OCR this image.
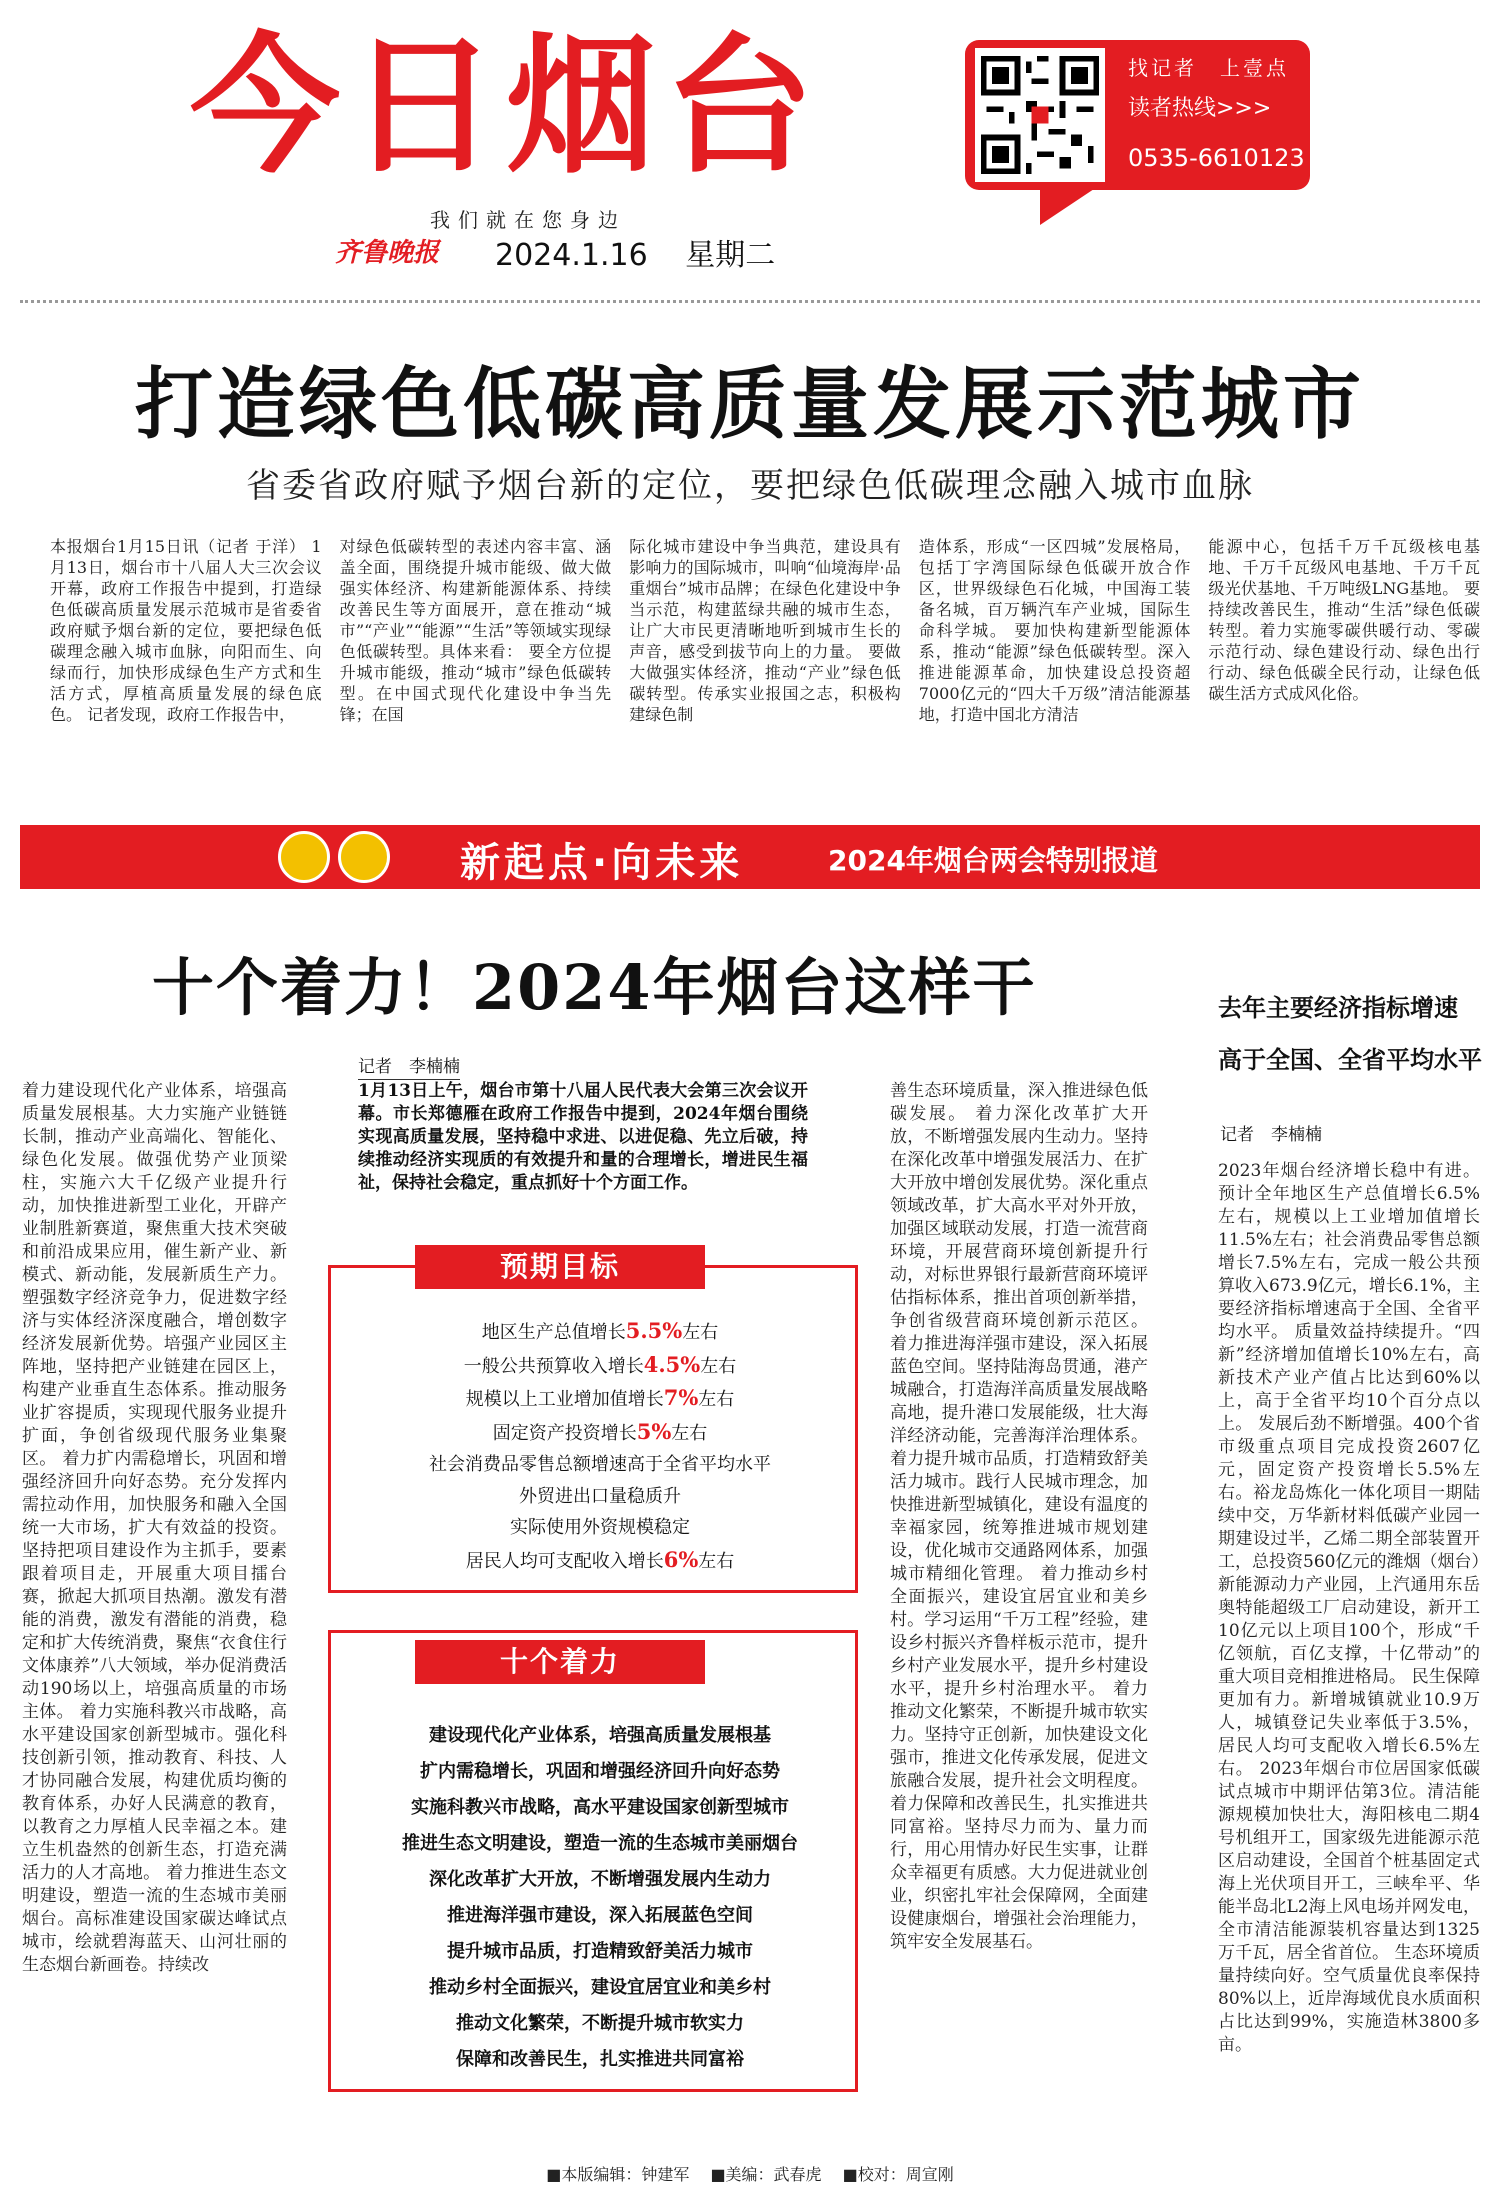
今日烟台
我们就在您身边
齐鲁晚报 2024.1.16 星期二
找记者　上壹点
读者热线>>>
0535-6610123
打造绿色低碳高质量发展示范城市
省委省政府赋予烟台新的定位，要把绿色低碳理念融入城市血脉
本报烟台1月15日讯（记者 于洋） 1月13日，烟台市十八届人大三次会议开幕，政府工作报告中提到，打造绿色低碳高质量发展示范城市是省委省政府赋予烟台新的定位，要把绿色低碳理念融入城市血脉，向阳而生、向绿而行，加快形成绿色生产方式和生活方式，厚植高质量发展的绿色底色。 记者发现，政府工作报告中，
对绿色低碳转型的表述内容丰富、涵盖全面，围绕提升城市能级、做大做强实体经济、构建新能源体系、持续改善民生等方面展开，意在推动“城市”“产业”“能源”“生活”等领域实现绿色低碳转型。具体来看： 要全方位提升城市能级，推动“城市”绿色低碳转型。在中国式现代化建设中争当先锋；在国
际化城市建设中争当典范，建设具有影响力的国际城市，叫响“仙境海岸·品重烟台”城市品牌；在绿色化建设中争当示范，构建蓝绿共融的城市生态，让广大市民更清晰地听到城市生长的声音，感受到拔节向上的力量。 要做大做强实体经济，推动“产业”绿色低碳转型。传承实业报国之志，积极构建绿色制
造体系，形成“一区四城”发展格局，包括丁字湾国际绿色低碳开放合作区，世界级绿色石化城，中国海工装备名城，百万辆汽车产业城，国际生命科学城。 要加快构建新型能源体系，推动“能源”绿色低碳转型。深入推进能源革命，加快建设总投资超7000亿元的“四大千万级”清洁能源基地，打造中国北方清洁
能源中心，包括千万千瓦级核电基地、千万千瓦级风电基地、千万千瓦级光伏基地、千万吨级LNG基地。 要持续改善民生，推动“生活”绿色低碳转型。着力实施零碳供暖行动、零碳示范行动、绿色建设行动、绿色出行行动、绿色低碳全民行动，让绿色低碳生活方式成风化俗。
新起点·向未来	2024年烟台两会特别报道
十个着力！2024年烟台这样干	去年主要经济指标增速
高于全国、全省平均水平
着力建设现代化产业体系，培强高质量发展根基。大力实施产业链链长制，推动产业高端化、智能化、绿色化发展。做强优势产业顶梁柱，实施六大千亿级产业提升行动，加快推进新型工业化，开辟产业制胜新赛道，聚焦重大技术突破和前沿成果应用，催生新产业、新模式、新动能，发展新质生产力。塑强数字经济竞争力，促进数字经济与实体经济深度融合，增创数字经济发展新优势。培强产业园区主阵地，坚持把产业链建在园区上，构建产业垂直生态体系。推动服务业扩容提质，实现现代服务业提升扩面，争创省级现代服务业集聚区。 着力扩内需稳增长，巩固和增强经济回升向好态势。充分发挥内需拉动作用，加快服务和融入全国统一大市场，扩大有效益的投资。坚持把项目建设作为主抓手，要素跟着项目走，开展重大项目擂台赛，掀起大抓项目热潮。激发有潜能的消费，激发有潜能的消费，稳定和扩大传统消费，聚焦“衣食住行文体康养”八大领域，举办促消费活动190场以上，培强高质量的市场主体。 着力实施科教兴市战略，高水平建设国家创新型城市。强化科技创新引领，推动教育、科技、人才协同融合发展，构建优质均衡的教育体系，办好人民满意的教育，以教育之力厚植人民幸福之本。建立生机盎然的创新生态，打造充满活力的人才高地。 着力推进生态文明建设，塑造一流的生态城市美丽烟台。高标准建设国家碳达峰试点城市，绘就碧海蓝天、山河壮丽的生态烟台新画卷。持续改
记者　李楠楠
1月13日上午，烟台市第十八届人民代表大会第三次会议开幕。市长郑德雁在政府工作报告中提到，2024年烟台围绕实现高质量发展，坚持稳中求进、以进促稳、先立后破，持续推动经济实现质的有效提升和量的合理增长，增进民生福祉，保持社会稳定，重点抓好十个方面工作。
预期目标
地区生产总值增长5.5%左右
一般公共预算收入增长4.5%左右
规模以上工业增加值增长7%左右
固定资产投资增长5%左右
社会消费品零售总额增速高于全省平均水平
外贸进出口量稳质升
实际使用外资规模稳定
居民人均可支配收入增长6%左右
十个着力
建设现代化产业体系，培强高质量发展根基
扩内需稳增长，巩固和增强经济回升向好态势
实施科教兴市战略，高水平建设国家创新型城市
推进生态文明建设，塑造一流的生态城市美丽烟台
深化改革扩大开放，不断增强发展内生动力
推进海洋强市建设，深入拓展蓝色空间
提升城市品质，打造精致舒美活力城市
推动乡村全面振兴，建设宜居宜业和美乡村
推动文化繁荣，不断提升城市软实力
保障和改善民生，扎实推进共同富裕
善生态环境质量，深入推进绿色低碳发展。 着力深化改革扩大开放，不断增强发展内生动力。坚持在深化改革中增强发展活力、在扩大开放中增创发展优势。深化重点领域改革，扩大高水平对外开放，加强区域联动发展，打造一流营商环境，开展营商环境创新提升行动，对标世界银行最新营商环境评估指标体系，推出首项创新举措，争创省级营商环境创新示范区。 着力推进海洋强市建设，深入拓展蓝色空间。坚持陆海岛贯通，港产城融合，打造海洋高质量发展战略高地，提升港口发展能级，壮大海洋经济动能，完善海洋治理体系。 着力提升城市品质，打造精致舒美活力城市。践行人民城市理念，加快推进新型城镇化，建设有温度的幸福家园，统筹推进城市规划建设，优化城市交通路网体系，加强城市精细化管理。 着力推动乡村全面振兴，建设宜居宜业和美乡村。学习运用“千万工程”经验，建设乡村振兴齐鲁样板示范市，提升乡村产业发展水平，提升乡村建设水平，提升乡村治理水平。 着力推动文化繁荣，不断提升城市软实力。坚持守正创新，加快建设文化强市，推进文化传承发展，促进文旅融合发展，提升社会文明程度。 着力保障和改善民生，扎实推进共同富裕。坚持尽力而为、量力而行，用心用情办好民生实事，让群众幸福更有质感。大力促进就业创业，织密扎牢社会保障网，全面建设健康烟台，增强社会治理能力，筑牢安全发展基石。
记者　李楠楠
2023年烟台经济增长稳中有进。预计全年地区生产总值增长6.5%左右，规模以上工业增加值增长11.5%左右；社会消费品零售总额增长7.5%左右，完成一般公共预算收入673.9亿元，增长6.1%，主要经济指标增速高于全国、全省平均水平。 质量效益持续提升。“四新”经济增加值增长10%左右，高新技术产业产值占比达到60%以上，高于全省平均10个百分点以上。 发展后劲不断增强。400个省市级重点项目完成投资2607亿元，固定资产投资增长5.5%左右。裕龙岛炼化一体化项目一期陆续中交，万华新材料低碳产业园一期建设过半，乙烯二期全部装置开工，总投资560亿元的潍烟（烟台）新能源动力产业园，上汽通用东岳奥特能超级工厂启动建设，新开工10亿元以上项目100个，形成“千亿领航，百亿支撑，十亿带动”的重大项目竞相推进格局。 民生保障更加有力。新增城镇就业10.9万人，城镇登记失业率低于3.5%，居民人均可支配收入增长6.5%左右。 2023年烟台市位居国家低碳试点城市中期评估第3位。清洁能源规模加快壮大，海阳核电二期4号机组开工，国家级先进能源示范区启动建设，全国首个桩基固定式海上光伏项目开工，三峡牟平、华能半岛北L2海上风电场并网发电，全市清洁能源装机容量达到1325万千瓦，居全省首位。 生态环境质量持续向好。空气质量优良率保持80%以上，近岸海域优良水质面积占比达到99%，实施造林3800多亩。
■本版编辑：钟建军 ■美编：武春虎 ■校对：周宣刚
